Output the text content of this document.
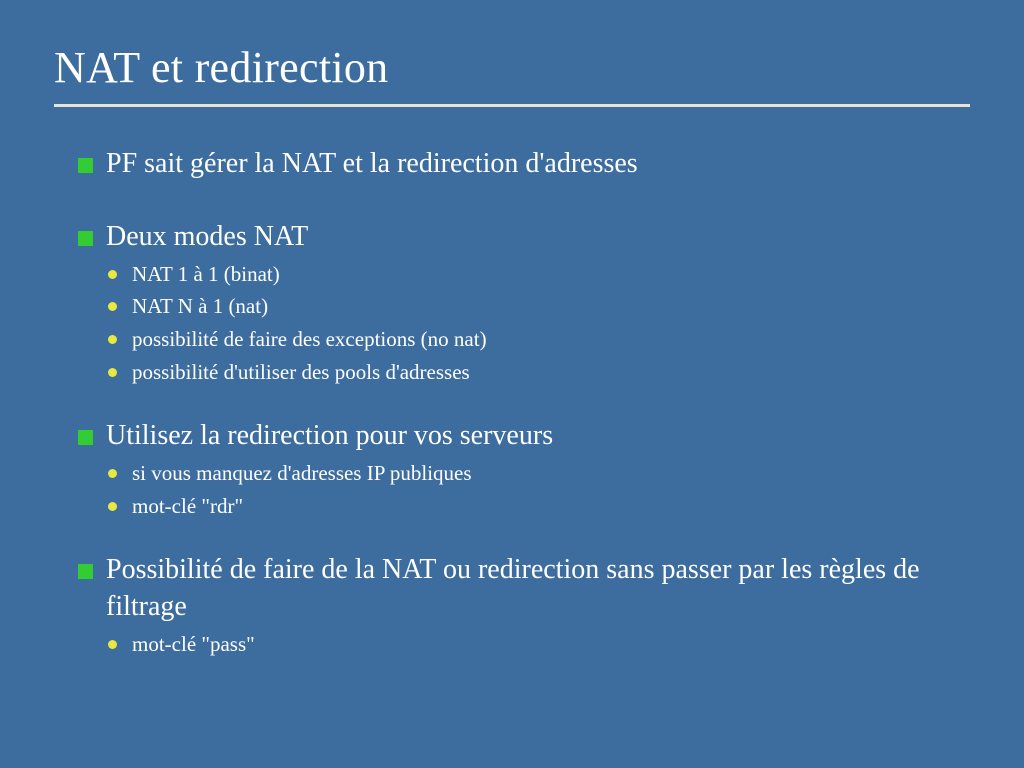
NAT et redirection
PF sait gérer la NAT et la redirection d'adresses
Deux modes NAT
NAT 1 à 1 (binat)
NAT N à 1 (nat)
possibilité de faire des exceptions (no nat)
possibilité d'utiliser des pools d'adresses
Utilisez la redirection pour vos serveurs
si vous manquez d'adresses IP publiques
mot-clé "rdr"
Possibilité de faire de la NAT ou redirection sans passer par les règles de filtrage
mot-clé "pass"
